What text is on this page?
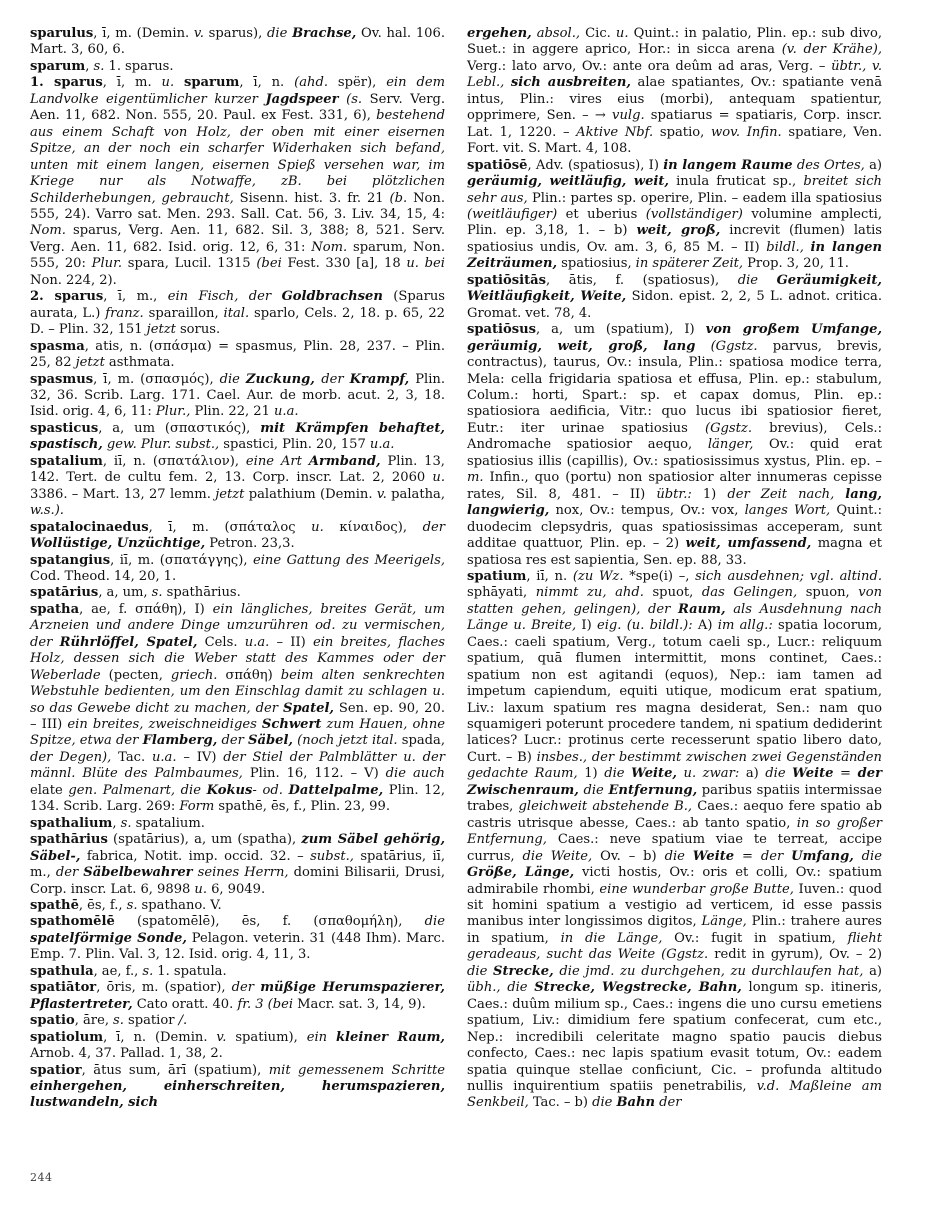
sparulus, ī, m. (Demin. v. sparus), die Brachse, Ov. hal. 106. Mart. 3, 60, 6.

sparum, s. 1. sparus.

1. sparus, ī, m. u. sparum, ī, n. (ahd. spër), ein dem Landvolke eigentümlicher kurzer Jagdspeer (s. Serv. Verg. Aen. 11, 682. Non. 555, 20. Paul. ex Fest. 331, 6), bestehend aus einem Schaft von Holz, der oben mit einer eisernen Spitze, an der noch ein scharfer Widerhaken sich befand, unten mit einem langen, eisernen Spieß versehen war, im Kriege nur als Notwaffe, zB. bei plötzlichen Schilderhebungen, gebraucht, Sisenn. hist. 3. fr. 21 (b. Non. 555, 24). Varro sat. Men. 293. Sall. Cat. 56, 3. Liv. 34, 15, 4: Nom. sparus, Verg. Aen. 11, 682. Sil. 3, 388; 8, 521. Serv. Verg. Aen. 11, 682. Isid. orig. 12, 6, 31: Nom. sparum, Non. 555, 20: Plur. spara, Lucil. 1315 (bei Fest. 330 [a], 18 u. bei Non. 224, 2).

2. sparus, ī, m., ein Fisch, der Goldbrachsen (Sparus aurata, L.) franz. sparaillon, ital. sparlo, Cels. 2, 18. p. 65, 22 D. – Plin. 32, 151 jetzt sorus.

spasma, atis, n. (σπάσμα) = spasmus, Plin. 28, 237. – Plin. 25, 82 jetzt asthmata.

spasmus, ī, m. (σπασμός), die Zuckung, der Krampf, Plin. 32, 36. Scrib. Larg. 171. Cael. Aur. de morb. acut. 2, 3, 18. Isid. orig. 4, 6, 11: Plur., Plin. 22, 21 u.a.

spasticus, a, um (σπαστικός), mit Krämpfen behaftet, spastisch, gew. Plur. subst., spastici, Plin. 20, 157 u.a.

spatalium, iī, n. (σπατάλιον), eine Art Armband, Plin. 13, 142. Tert. de cultu fem. 2, 13. Corp. inscr. Lat. 2, 2060 u. 3386. – Mart. 13, 27 lemm. jetzt palathium (Demin. v. palatha, w.s.).

spatalocinaedus, ī, m. (σπάταλος u. κίναιδος), der Wollüstige, Unzüchtige, Petron. 23,3.

spatangius, iī, m. (σπατάγγης), eine Gattung des Meerigels, Cod. Theod. 14, 20, 1.

spatārius, a, um, s. spathārius.

spatha, ae, f. σπάθη), I) ein längliches, breites Gerät, um Arzneien und andere Dinge umzurühren od. zu vermischen, der Rührlöffel, Spatel, Cels. u.a. – II) ein breites, flaches Holz, dessen sich die Weber statt des Kammes oder der Weberlade (pecten, griech. σπάθη) beim alten senkrechten Webstuhle bedienten, um den Einschlag damit zu schlagen u. so das Gewebe dicht zu machen, der Spatel, Sen. ep. 90, 20. – III) ein breites, zweischneidiges Schwert zum Hauen, ohne Spitze, etwa der Flamberg, der Säbel, (noch jetzt ital. spada, der Degen), Tac. u.a. – IV) der Stiel der Palmblätter u. der männl. Blüte des Palmbaumes, Plin. 16, 112. – V) die auch elate gen. Palmenart, die Kokus- od. Dattelpalme, Plin. 12, 134. Scrib. Larg. 269: Form spathē, ēs, f., Plin. 23, 99.

spathalium, s. spatalium.

spathārius (spatārius), a, um (spatha), zum Säbel gehörig, Säbel-, fabrica, Notit. imp. occid. 32. – subst., spatārius, iī, m., der Säbelbewahrer seines Herrn, domini Bilisarii, Drusi, Corp. inscr. Lat. 6, 9898 u. 6, 9049.

spathē, ēs, f., s. spathano. V.

spathomēlē (spatomēlē), ēs, f. (σπαθομήλη), die spatelförmige Sonde, Pelagon. veterin. 31 (448 Ihm). Marc. Emp. 7. Plin. Val. 3, 12. Isid. orig. 4, 11, 3.

spathula, ae, f., s. 1. spatula.

spatiātor, ōris, m. (spatior), der müßige Herumspazierer, Pflastertreter, Cato oratt. 40. fr. 3 (bei Macr. sat. 3, 14, 9).

spatio, āre, s. spatior /.

spatiolum, ī, n. (Demin. v. spatium), ein kleiner Raum, Arnob. 4, 37. Pallad. 1, 38, 2.

spatior, ātus sum, ārī (spatium), mit gemessenem Schritte einhergehen, einherschreiten, herumspazieren, lustwandeln, sich

ergehen, absol., Cic. u. Quint.: in palatio, Plin. ep.: sub divo, Suet.: in aggere aprico, Hor.: in sicca arena (v. der Krähe), Verg.: lato arvo, Ov.: ante ora deûm ad aras, Verg. – übtr., v. Lebl., sich ausbreiten, alae spatiantes, Ov.: spatiante venā intus, Plin.: vires eius (morbi), antequam spatientur, opprimere, Sen. – → vulg. spatiarus = spatiaris, Corp. inscr. Lat. 1, 1220. – Aktive Nbf. spatio, wov. Infin. spatiare, Ven. Fort. vit. S. Mart. 4, 108.

spatiōsē, Adv. (spatiosus), I) in langem Raume des Ortes, a) geräumig, weitläufig, weit, inula fruticat sp., breitet sich sehr aus, Plin.: partes sp. operire, Plin. – eadem illa spatiosius (weitläufiger) et uberius (vollständiger) volumine amplecti, Plin. ep. 3,18, 1. – b) weit, groß, increvit (flumen) latis spatiosius undis, Ov. am. 3, 6, 85 M. – II) bildl., in langen Zeiträumen, spatiosius, in späterer Zeit, Prop. 3, 20, 11.

spatiōsitās, ātis, f. (spatiosus), die Geräumigkeit, Weitläufigkeit, Weite, Sidon. epist. 2, 2, 5 L. adnot. critica. Gromat. vet. 78, 4.

spatiōsus, a, um (spatium), I) von großem Umfange, geräumig, weit, groß, lang (Ggstz. parvus, brevis, contractus), taurus, Ov.: insula, Plin.: spatiosa modice terra, Mela: cella frigidaria spatiosa et effusa, Plin. ep.: stabulum, Colum.: horti, Spart.: sp. et capax domus, Plin. ep.: spatiosiora aedificia, Vitr.: quo lucus ibi spatiosior fieret, Eutr.: iter urinae spatiosius (Ggstz. brevius), Cels.: Andromache spatiosior aequo, länger, Ov.: quid erat spatiosius illis (capillis), Ov.: spatiosissimus xystus, Plin. ep. – m. Infin., quo (portu) non spatiosior alter innumeras cepisse rates, Sil. 8, 481. – II) übtr.: 1) der Zeit nach, lang, langwierig, nox, Ov.: tempus, Ov.: vox, langes Wort, Quint.: duodecim clepsydris, quas spatiosissimas acceperam, sunt additae quattuor, Plin. ep. – 2) weit, umfassend, magna et spatiosa res est sapientia, Sen. ep. 88, 33.

spatium, iī, n. (zu Wz. *spe(i) –, sich ausdehnen; vgl. altind. sphāyati, nimmt zu, ahd. spuot, das Gelingen, spuon, von statten gehen, gelingen), der Raum, als Ausdehnung nach Länge u. Breite, I) eig. (u. bildl.): A) im allg.: spatia locorum, Caes.: caeli spatium, Verg., totum caeli sp., Lucr.: reliquum spatium, quā flumen intermittit, mons continet, Caes.: spatium non est agitandi (equos), Nep.: iam tamen ad impetum capiendum, equiti utique, modicum erat spatium, Liv.: laxum spatium res magna desiderat, Sen.: nam quo squamigeri poterunt procedere tandem, ni spatium dediderint latices? Lucr.: protinus certe recesserunt spatio libero dato, Curt. – B) insbes., der bestimmt zwischen zwei Gegenständen gedachte Raum, 1) die Weite, u. zwar: a) die Weite = der Zwischenraum, die Entfernung, paribus spatiis intermissae trabes, gleichweit abstehende B., Caes.: aequo fere spatio ab castris utrisque abesse, Caes.: ab tanto spatio, in so großer Entfernung, Caes.: neve spatium viae te terreat, accipe currus, die Weite, Ov. – b) die Weite = der Umfang, die Größe, Länge, victi hostis, Ov.: oris et colli, Ov.: spatium admirabile rhombi, eine wunderbar große Butte, Iuven.: quod sit homini spatium a vestigio ad verticem, id esse passis manibus inter longissimos digitos, Länge, Plin.: trahere aures in spatium, in die Länge, Ov.: fugit in spatium, flieht geradeaus, sucht das Weite (Ggstz. redit in gyrum), Ov. – 2) die Strecke, die jmd. zu durchgehen, zu durchlaufen hat, a) übh., die Strecke, Wegstrecke, Bahn, longum sp. itineris, Caes.: duûm milium sp., Caes.: ingens die uno cursu emetiens spatium, Liv.: dimidium fere spatium confecerat, cum etc., Nep.: incredibili celeritate magno spatio paucis diebus confecto, Caes.: nec lapis spatium evasit totum, Ov.: eadem spatia quinque stellae conficiunt, Cic. – profunda altitudo nullis inquirentium spatiis penetrabilis, v.d. Maßleine am Senkbeil, Tac. – b) die Bahn der

244
